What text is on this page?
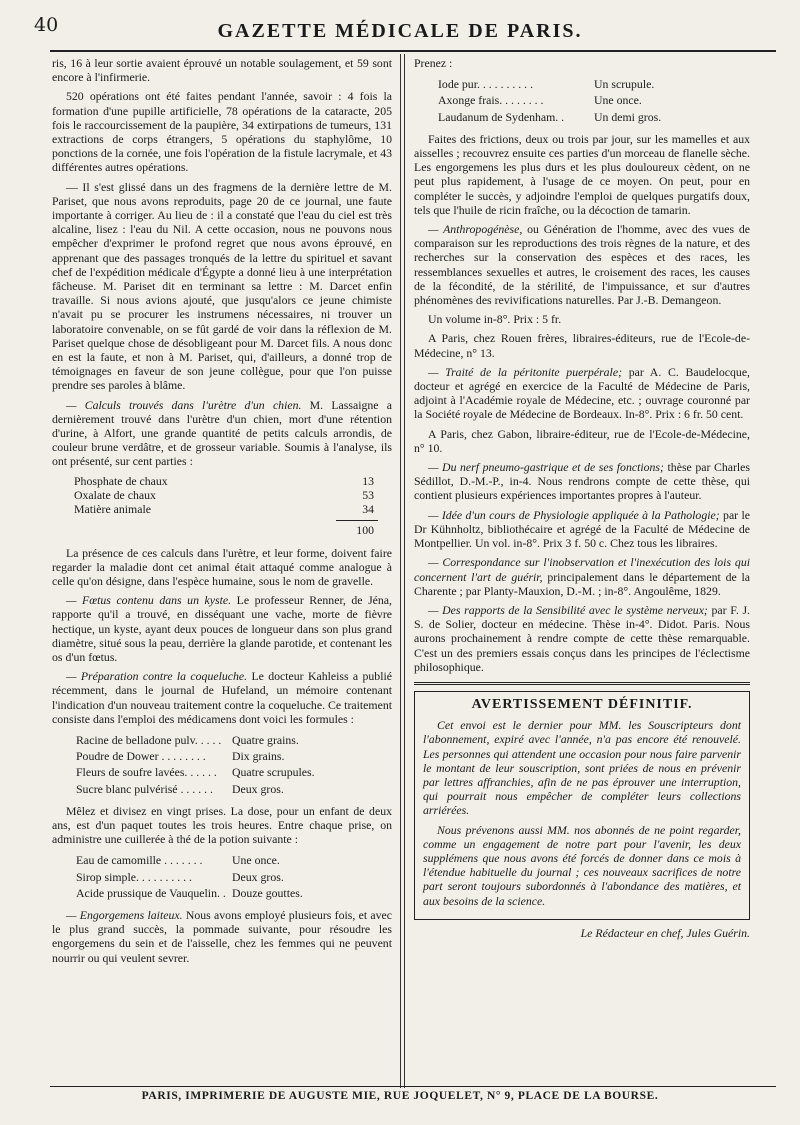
40	GAZETTE MÉDICALE DE PARIS.

ris, 16 à leur sortie avaient éprouvé un notable soulagement, et 59 sont encore à l'infirmerie.

520 opérations ont été faites pendant l'année, savoir : 4 fois la formation d'une pupille artificielle, 78 opérations de la cataracte, 205 fois le raccourcissement de la paupière, 34 extirpations de tumeurs, 131 extractions de corps étrangers, 5 opérations du staphylôme, 10 ponctions de la cornée, une fois l'opération de la fistule lacrymale, et 43 différentes autres opérations.

— Il s'est glissé dans un des fragmens de la dernière lettre de M. Pariset, que nous avons reproduits, page 20 de ce journal, une faute importante à corriger. Au lieu de : il a constaté que l'eau du ciel est très alcaline, lisez : l'eau du Nil. A cette occasion, nous ne pouvons nous empêcher d'exprimer le profond regret que nous avons éprouvé, en apprenant que des passages tronqués de la lettre du spirituel et savant chef de l'expédition médicale d'Égypte a donné lieu à une interprétation fâcheuse. M. Pariset dit en terminant sa lettre : M. Darcet enfin travaille. Si nous avions ajouté, que jusqu'alors ce jeune chimiste n'avait pu se procurer les instrumens nécessaires, ni trouver un laboratoire convenable, on se fût gardé de voir dans la réflexion de M. Pariset quelque chose de désobligeant pour M. Darcet fils. A nous donc en est la faute, et non à M. Pariset, qui, d'ailleurs, a donné trop de témoignages en faveur de son jeune collègue, pour que l'on puisse prendre ses paroles à blâme.

— Calculs trouvés dans l'urètre d'un chien. M. Lassaigne a dernièrement trouvé dans l'urètre d'un chien, mort d'une rétention d'urine, à Alfort, une grande quantité de petits calculs arrondis, de couleur brune verdâtre, et de grosseur variable. Soumis à l'analyse, ils ont présenté, sur cent parties :

Phosphate de chaux	13
Oxalate de chaux	53
Matière animale	34
100

La présence de ces calculs dans l'urètre, et leur forme, doivent faire regarder la maladie dont cet animal était attaqué comme analogue à celle qu'on désigne, dans l'espèce humaine, sous le nom de gravelle.

— Fœtus contenu dans un kyste. Le professeur Renner, de Jéna, rapporte qu'il a trouvé, en disséquant une vache, morte de fièvre hectique, un kyste, ayant deux pouces de longueur dans son plus grand diamètre, situé sous la peau, derrière la glande parotide, et contenant les os d'un fœtus.

— Préparation contre la coqueluche. Le docteur Kahleiss a publié récemment, dans le journal de Hufeland, un mémoire contenant l'indication d'un nouveau traitement contre la coqueluche. Ce traitement consiste dans l'emploi des médicamens dont voici les formules :

Racine de belladone pulv. . . . .	Quatre grains.
Poudre de Dower . . . . . . . .	Dix grains.
Fleurs de soufre lavées. . . . . .	Quatre scrupules.
Sucre blanc pulvérisé . . . . . .	Deux gros.

Mêlez et divisez en vingt prises. La dose, pour un enfant de deux ans, est d'un paquet toutes les trois heures. Entre chaque prise, on administre une cuillerée à thé de la potion suivante :

Eau de camomille . . . . . . .	Une once.
Sirop simple. . . . . . . . . .	Deux gros.
Acide prussique de Vauquelin. .	Douze gouttes.

— Engorgemens laiteux. Nous avons employé plusieurs fois, et avec le plus grand succès, la pommade suivante, pour résoudre les engorgemens du sein et de l'aisselle, chez les femmes qui ne peuvent nourrir ou qui veulent sevrer.

Prenez :

Iode pur. . . . . . . . . .	Un scrupule.
Axonge frais. . . . . . . .	Une once.
Laudanum de Sydenham. .	Un demi gros.

Faites des frictions, deux ou trois par jour, sur les mamelles et aux aisselles ; recouvrez ensuite ces parties d'un morceau de flanelle sèche. Les engorgemens les plus durs et les plus douloureux cèdent, on ne peut plus rapidement, à l'usage de ce moyen. On peut, pour en compléter le succès, y adjoindre l'emploi de quelques purgatifs doux, tels que l'huile de ricin fraîche, ou la décoction de tamarin.

— Anthropogénèse, ou Génération de l'homme, avec des vues de comparaison sur les reproductions des trois règnes de la nature, et des recherches sur la conservation des espèces et des races, les ressemblances sexuelles et autres, le croisement des races, les causes de la fécondité, de la stérilité, de l'impuissance, et sur d'autres phénomènes des revivifications naturelles. Par J.-B. Demangeon.

Un volume in-8°. Prix : 5 fr.

A Paris, chez Rouen frères, libraires-éditeurs, rue de l'Ecole-de-Médecine, n° 13.

— Traité de la péritonite puerpérale; par A. C. Baudelocque, docteur et agrégé en exercice de la Faculté de Médecine de Paris, adjoint à l'Académie royale de Médecine, etc. ; ouvrage couronné par la Société royale de Médecine de Bordeaux. In-8°. Prix : 6 fr. 50 cent.

A Paris, chez Gabon, libraire-éditeur, rue de l'Ecole-de-Médecine, n° 10.

— Du nerf pneumo-gastrique et de ses fonctions; thèse par Charles Sédillot, D.-M.-P., in-4. Nous rendrons compte de cette thèse, qui contient plusieurs expériences importantes propres à l'auteur.

— Idée d'un cours de Physiologie appliquée à la Pathologie; par le Dr Kühnholtz, bibliothécaire et agrégé de la Faculté de Médecine de Montpellier. Un vol. in-8°. Prix 3 f. 50 c. Chez tous les libraires.

— Correspondance sur l'inobservation et l'inexécution des lois qui concernent l'art de guérir, principalement dans le département de la Charente ; par Planty-Mauxion, D.-M. ; in-8°. Angoulême, 1829.

— Des rapports de la Sensibilité avec le système nerveux; par F. J. S. de Solier, docteur en médecine. Thèse in-4°. Didot. Paris. Nous aurons prochainement à rendre compte de cette thèse remarquable. C'est un des premiers essais conçus dans les principes de l'éclectisme philosophique.

AVERTISSEMENT DÉFINITIF.

Cet envoi est le dernier pour MM. les Souscripteurs dont l'abonnement, expiré avec l'année, n'a pas encore été renouvelé. Les personnes qui attendent une occasion pour nous faire parvenir le montant de leur souscription, sont priées de nous en prévenir par lettres affranchies, afin de ne pas éprouver une interruption, qui pourrait nous empêcher de compléter leurs collections arriérées.

Nous prévenons aussi MM. nos abonnés de ne point regarder, comme un engagement de notre part pour l'avenir, les deux supplémens que nous avons été forcés de donner dans ce mois à l'étendue habituelle du journal ; ces nouveaux sacrifices de notre part seront toujours subordonnés à l'abondance des matières, et aux besoins de la science.

Le Rédacteur en chef, Jules Guérin.
PARIS, IMPRIMERIE DE AUGUSTE MIE, RUE JOQUELET, N° 9, PLACE DE LA BOURSE.
